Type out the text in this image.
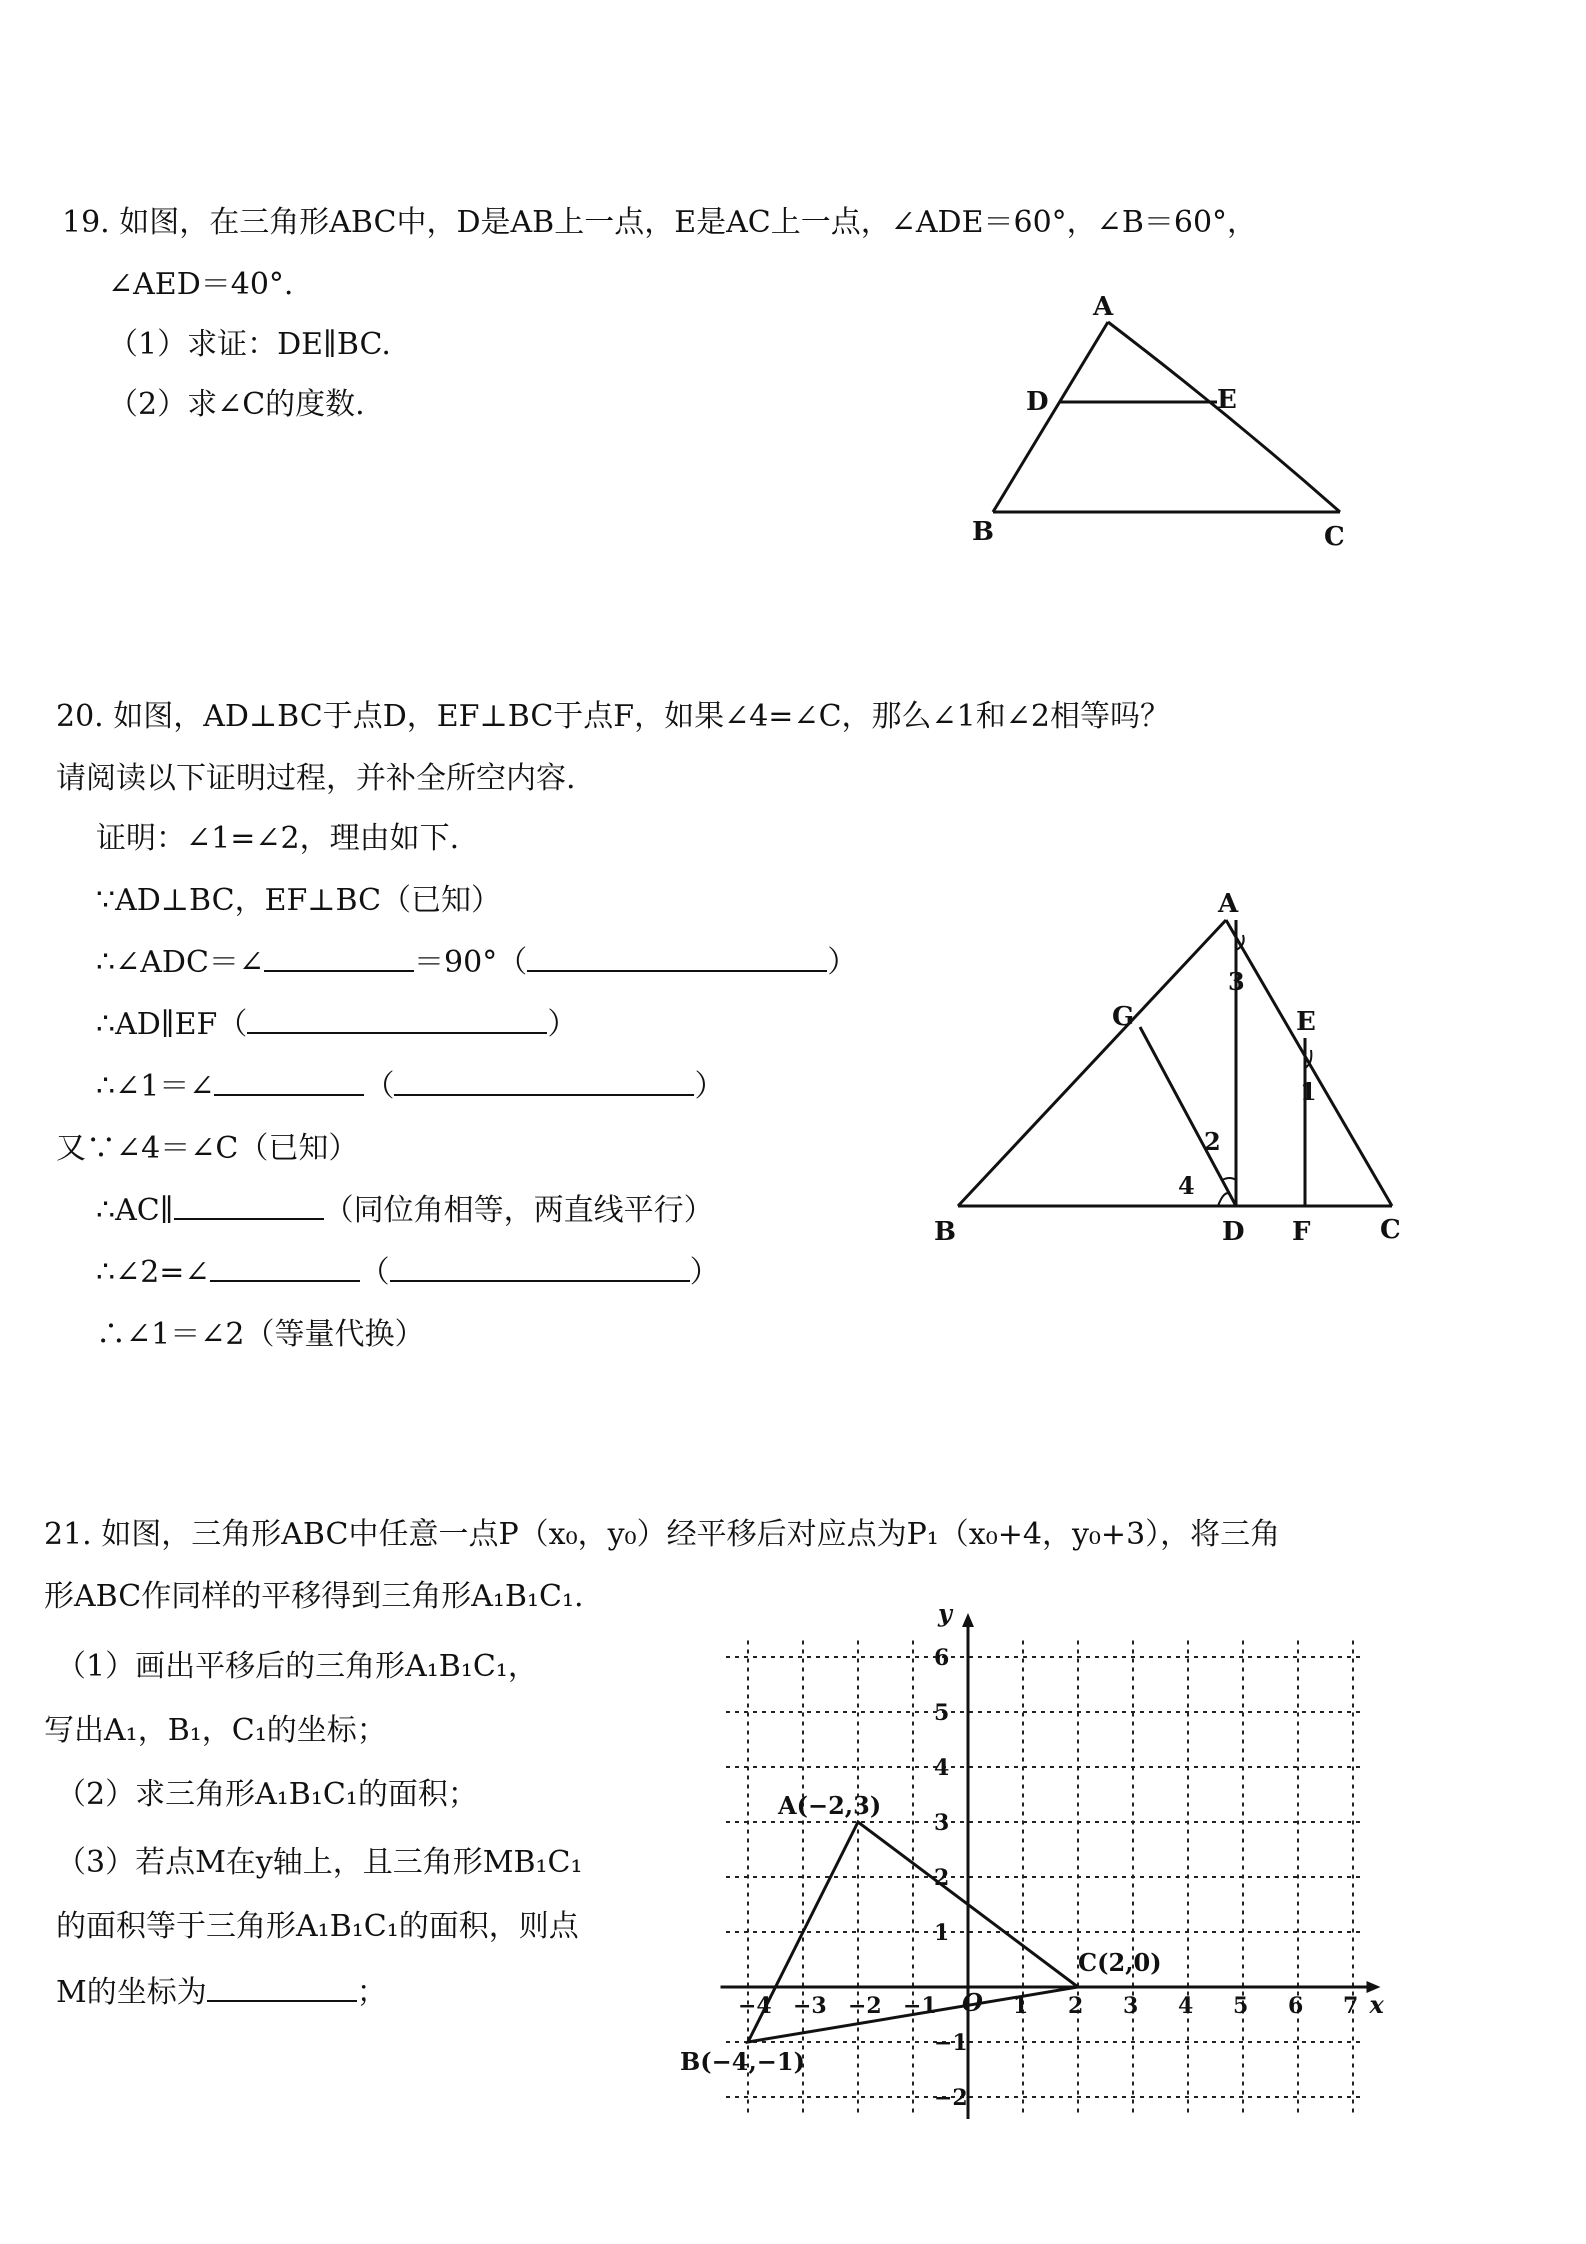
19. 如图，在三角形ABC中，D是AB上一点，E是AC上一点，∠ADE＝60°，∠B＝60°，
∠AED＝40°.
（1）求证：DE∥BC.
（2）求∠C的度数.
A
D	E
B	C
20. 如图，AD⊥BC于点D，EF⊥BC于点F，如果∠4=∠C，那么∠1和∠2相等吗？
请阅读以下证明过程，并补全所空内容.
证明：∠1=∠2，理由如下.
∵AD⊥BC，EF⊥BC（已知）
∴∠ADC＝∠	＝90°（	）
∴AD∥EF（	）
∴∠1＝∠	（	）
又∵∠4＝∠C（已知）
∴AC∥	（同位角相等，两直线平行）
∴∠2=∠	（	）
∴∠1＝∠2（等量代换）
A
G	E
B	D F	C
3
1
2
4
21. 如图，三角形ABC中任意一点P（x₀，y₀）经平移后对应点为P₁（x₀+4，y₀+3），将三角
形ABC作同样的平移得到三角形A₁B₁C₁.
（1）画出平移后的三角形A₁B₁C₁，
写出A₁，B₁，C₁的坐标；
（2）求三角形A₁B₁C₁的面积；
（3）若点M在y轴上，且三角形MB₁C₁
的面积等于三角形A₁B₁C₁的面积，则点
M的坐标为	；	x
y
O
−4 −3 −2 −1	1 2 3 4 5 6 7
6
5
4
3
2
1
−1
−2
A(−2,3)
B(−4,−1)
C(2,0)
